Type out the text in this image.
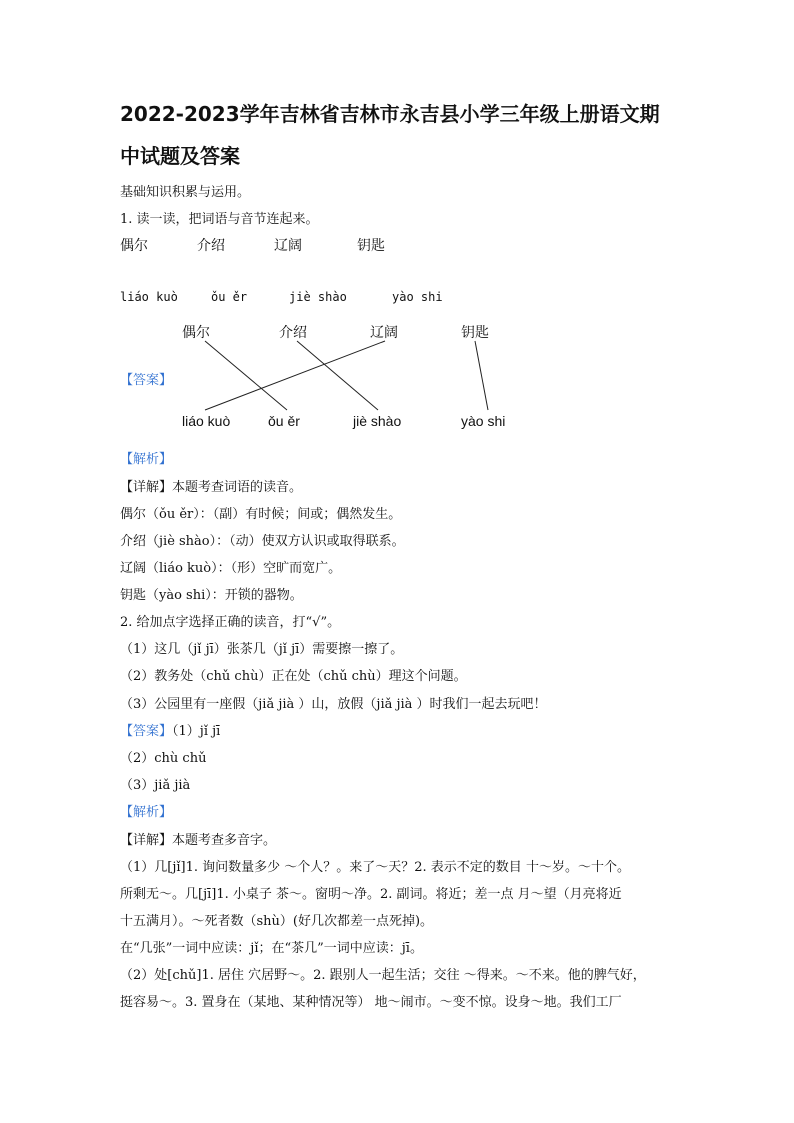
2022-2023学年吉林省吉林市永吉县小学三年级上册语文期
中试题及答案
基础知识积累与运用。
1. 读一读，把词语与音节连起来。
偶尔	介绍	辽阔	钥匙
liáo kuò	ǒu ěr	jiè shào	yào shi
【答案】
偶尔	介绍	辽阔	钥匙
liáo kuò	ǒu ěr	jiè shào	yào shi
【解析】
【详解】本题考查词语的读音。
偶尔（ǒu ěr）：（副）有时候；间或；偶然发生。
介绍（jiè shào）：（动）使双方认识或取得联系。
辽阔（liáo kuò）：（形）空旷而宽广。
钥匙（yào shi）：开锁的器物。
2. 给加点字选择正确的读音，打“√”。
（1）这几（jǐ jī）张茶几（jǐ jī）需要擦一擦了。
（2）教务处（chǔ chù）正在处（chǔ chù）理这个问题。
（3）公园里有一座假（jiǎ jià ）山，放假（jiǎ jià ）时我们一起去玩吧！
【答案】（1）jǐ jī
（2）chù chǔ
（3）jiǎ jià
【解析】
【详解】本题考查多音字。
（1）几[jǐ]1. 询问数量多少 ～个人？。来了～天？2. 表示不定的数目 十～岁。～十个。
所剩无～。几[jī]1. 小桌子 茶～。窗明～净。2. 副词。将近；差一点 月～望（月亮将近
十五满月）。～死者数（shù）(好几次都差一点死掉)。
在“几张”一词中应读：jǐ；在“茶几”一词中应读：jī。
（2）处[chǔ]1. 居住 穴居野～。2. 跟别人一起生活；交往 ～得来。～不来。他的脾气好，
挺容易～。3. 置身在（某地、某种情况等） 地～闹市。～变不惊。设身～地。我们工厂
